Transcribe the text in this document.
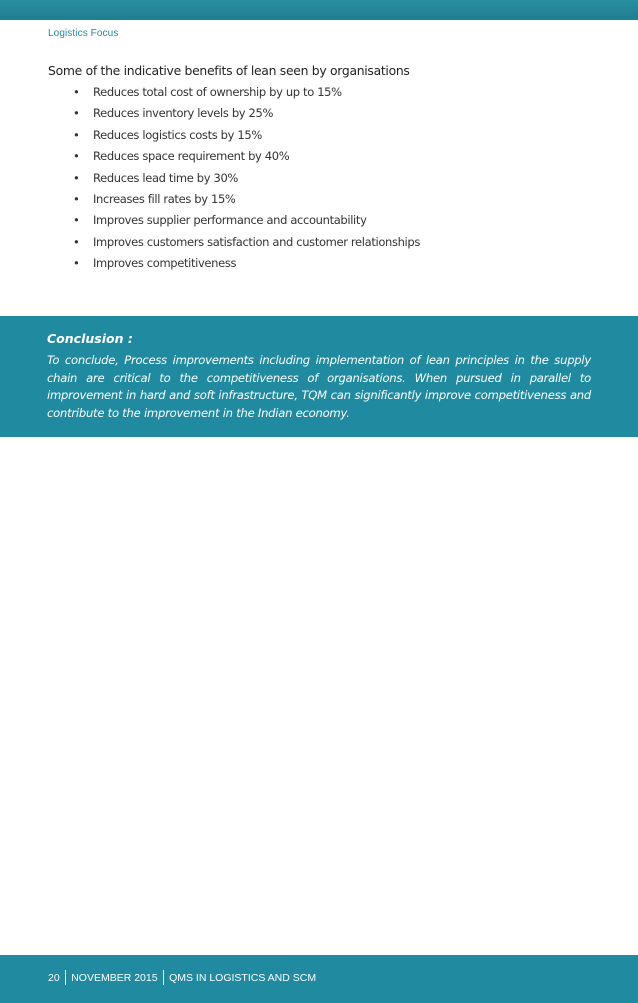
Logistics Focus
Some of the indicative benefits of lean seen by organisations
• Reduces total cost of ownership by up to 15%
• Reduces inventory levels by 25%
• Reduces logistics costs by 15%
• Reduces space requirement by 40%
• Reduces lead time by 30%
• Increases fill rates by 15%
• Improves supplier performance and accountability
• Improves customers satisfaction and customer relationships
• Improves competitiveness
Conclusion :

To conclude, Process improvements including implementation of lean principles in the supply chain are critical to the competitiveness of organisations. When pursued in parallel to improvement in hard and soft infrastructure, TQM can significantly improve competitiveness and contribute to the improvement in the Indian economy.

20 NOVEMBER 2015 QMS IN LOGISTICS AND SCM
